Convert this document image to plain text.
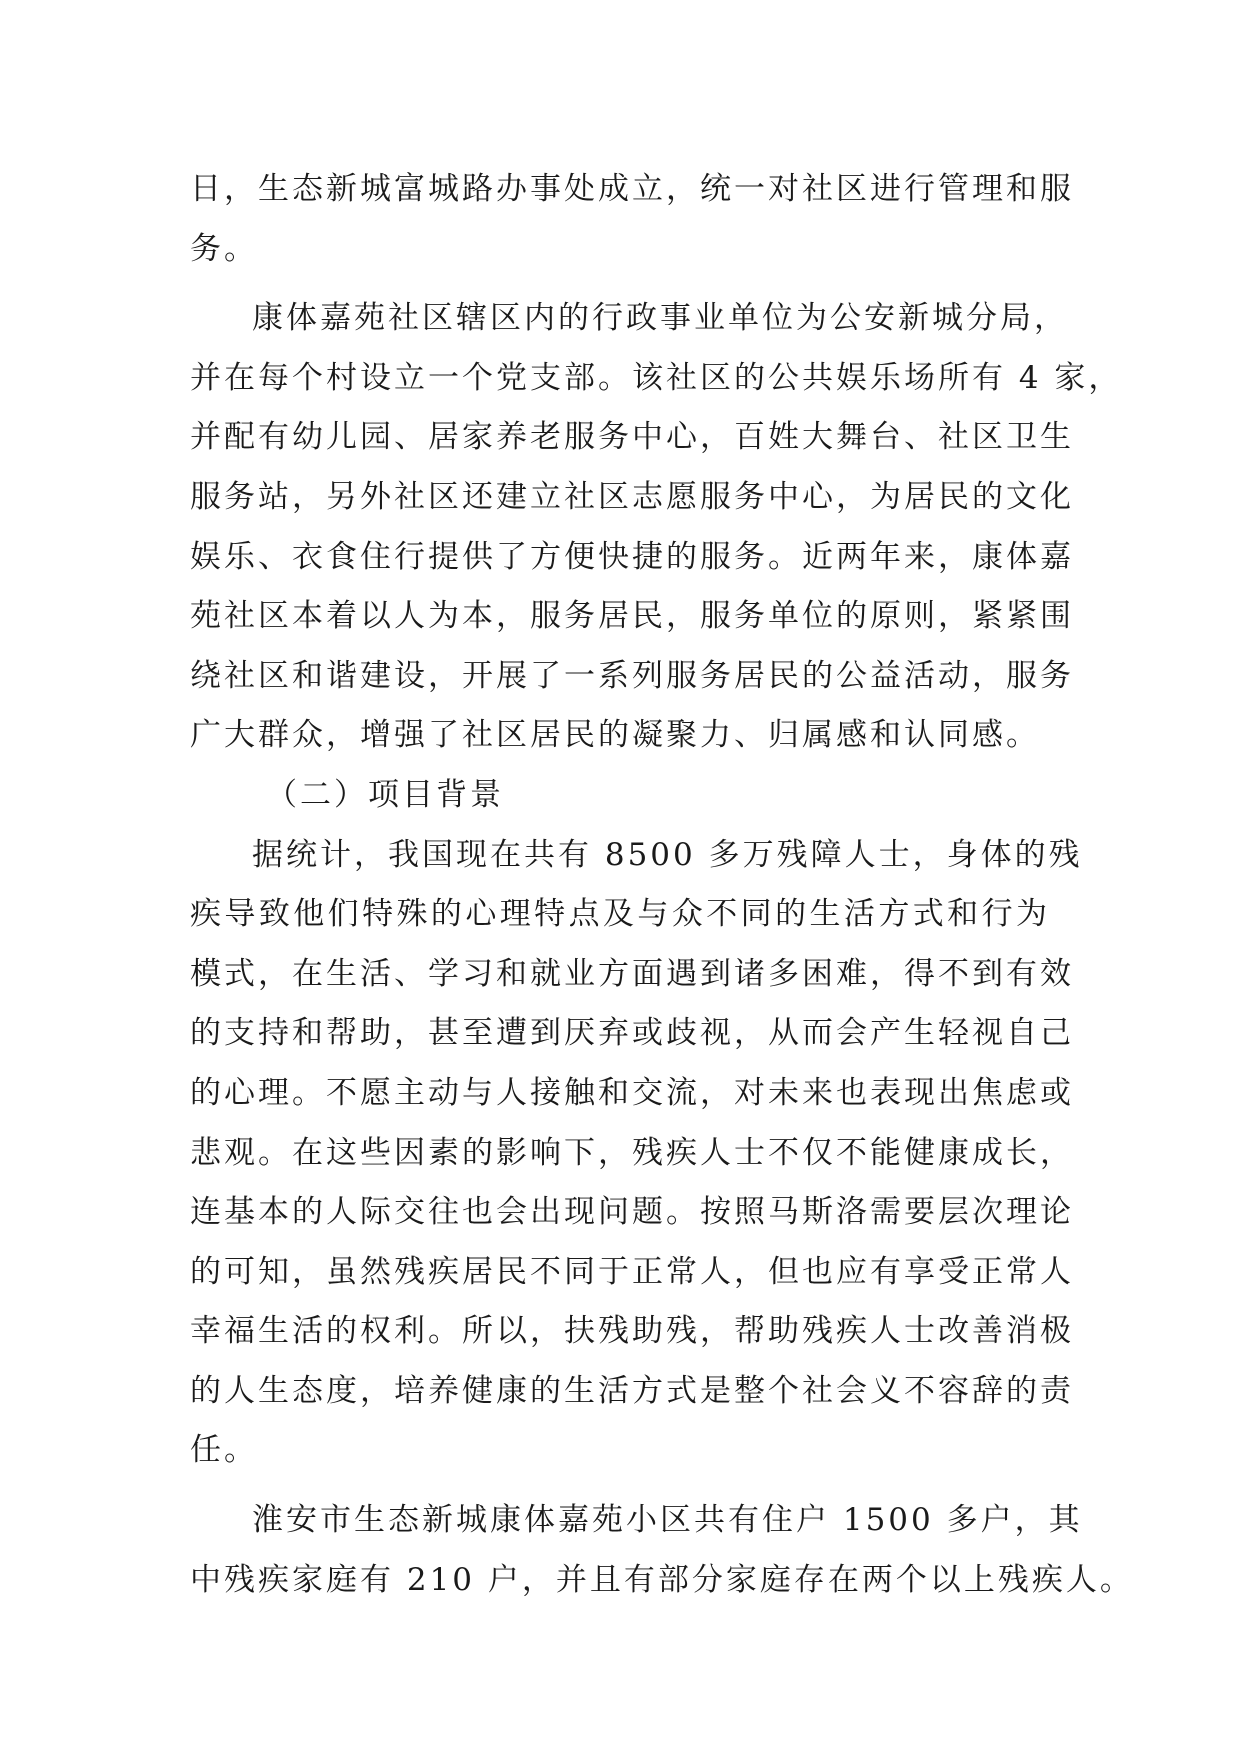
日，生态新城富城路办事处成立，统一对社区进行管理和服
务。
康体嘉苑社区辖区内的行政事业单位为公安新城分局，
并在每个村设立一个党支部。该社区的公共娱乐场所有 4 家，
并配有幼儿园、居家养老服务中心，百姓大舞台、社区卫生
服务站，另外社区还建立社区志愿服务中心，为居民的文化
娱乐、衣食住行提供了方便快捷的服务。近两年来，康体嘉
苑社区本着以人为本，服务居民，服务单位的原则，紧紧围
绕社区和谐建设，开展了一系列服务居民的公益活动，服务
广大群众，增强了社区居民的凝聚力、归属感和认同感。
（二）项目背景
据统计，我国现在共有 8500 多万残障人士，身体的残
疾导致他们特殊的心理特点及与众不同的生活方式和行为
模式，在生活、学习和就业方面遇到诸多困难，得不到有效
的支持和帮助，甚至遭到厌弃或歧视，从而会产生轻视自己
的心理。不愿主动与人接触和交流，对未来也表现出焦虑或
悲观。在这些因素的影响下，残疾人士不仅不能健康成长，
连基本的人际交往也会出现问题。按照马斯洛需要层次理论
的可知，虽然残疾居民不同于正常人，但也应有享受正常人
幸福生活的权利。所以，扶残助残，帮助残疾人士改善消极
的人生态度，培养健康的生活方式是整个社会义不容辞的责
任。
淮安市生态新城康体嘉苑小区共有住户 1500 多户，其
中残疾家庭有 210 户，并且有部分家庭存在两个以上残疾人。
